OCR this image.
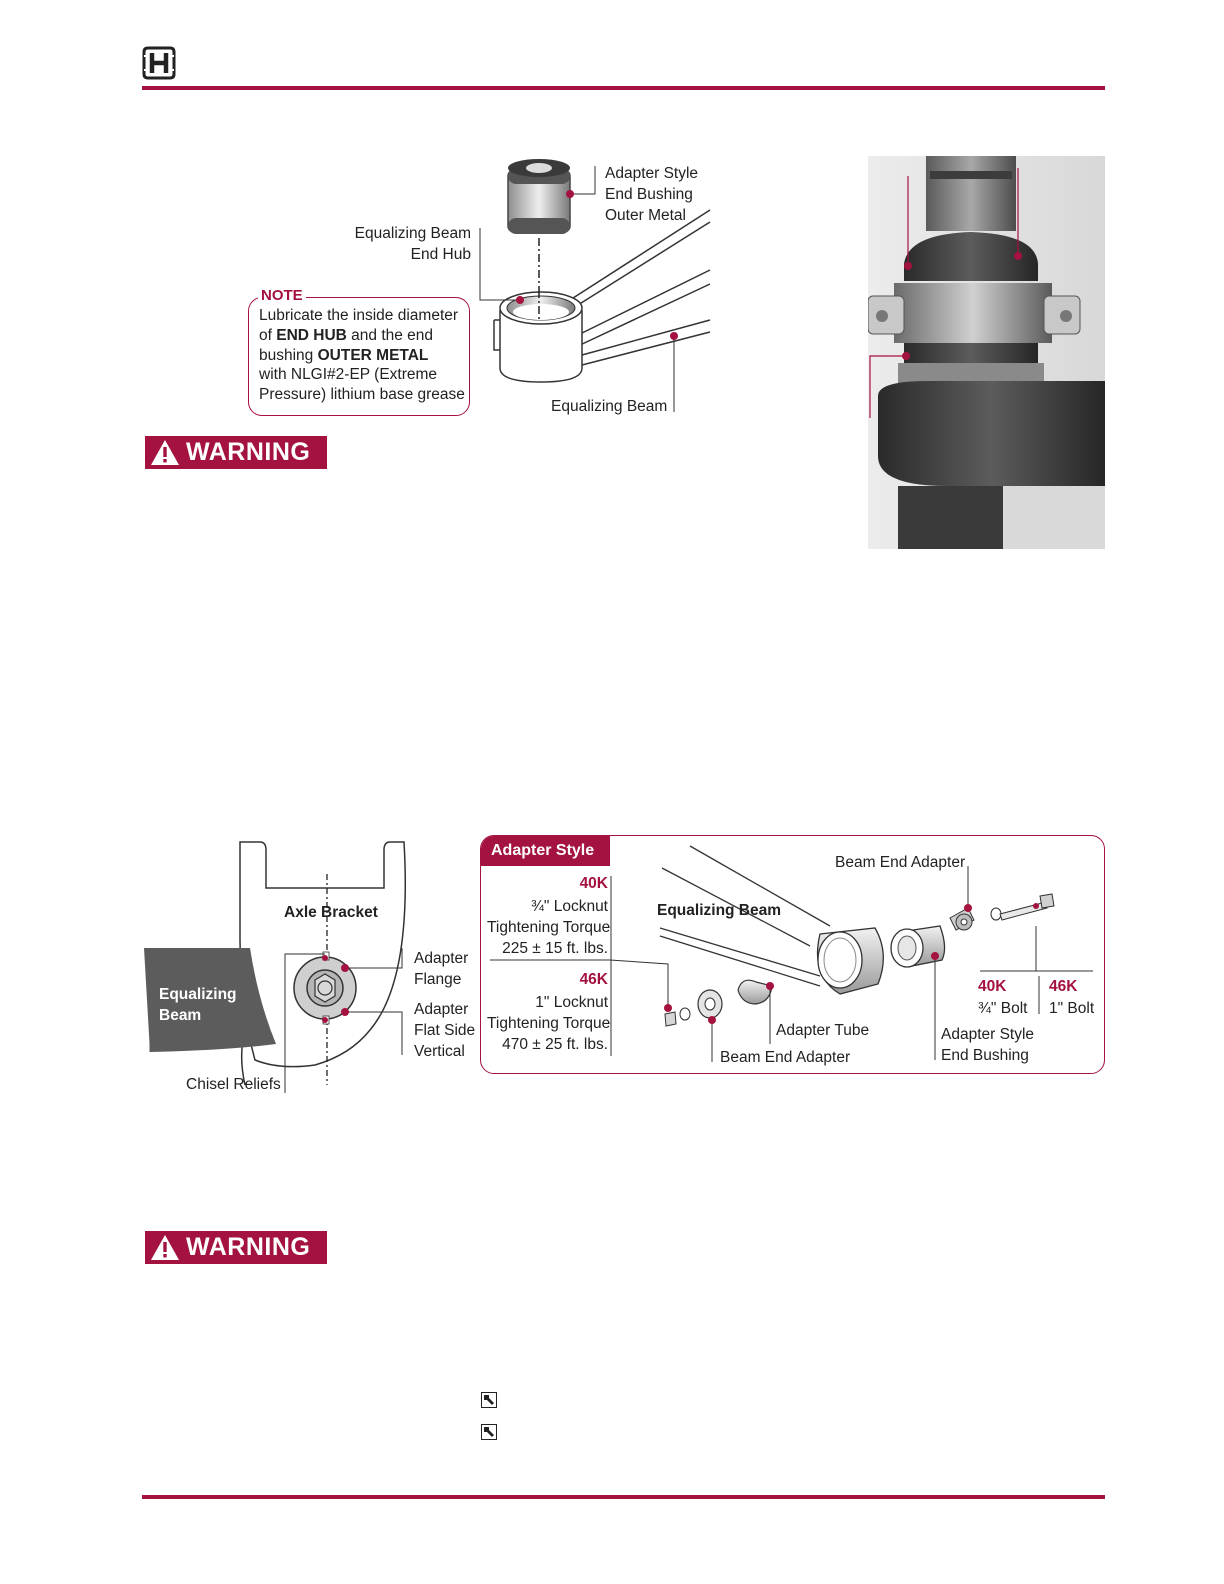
Adapter Style
End Bushing
Outer Metal
Equalizing Beam
End Hub
Equalizing Beam
NOTE
Lubricate the inside diameter
of END HUB and the end
bushing OUTER METAL
with NLGI#2-EP (Extreme
Pressure) lithium base grease
WARNING
Axle Bracket
Equalizing
Beam
Adapter
Flange
Adapter
Flat Side
Vertical
Chisel Reliefs
Adapter Style
40K
¾" Locknut
Tightening Torque
225 ± 15 ft. lbs.
46K
1" Locknut
Tightening Torque
470 ± 25 ft. lbs.
Equalizing Beam
Beam End Adapter
Adapter Tube
Beam End Adapter
Adapter Style
End Bushing
40K
¾" Bolt
46K
1" Bolt
WARNING
